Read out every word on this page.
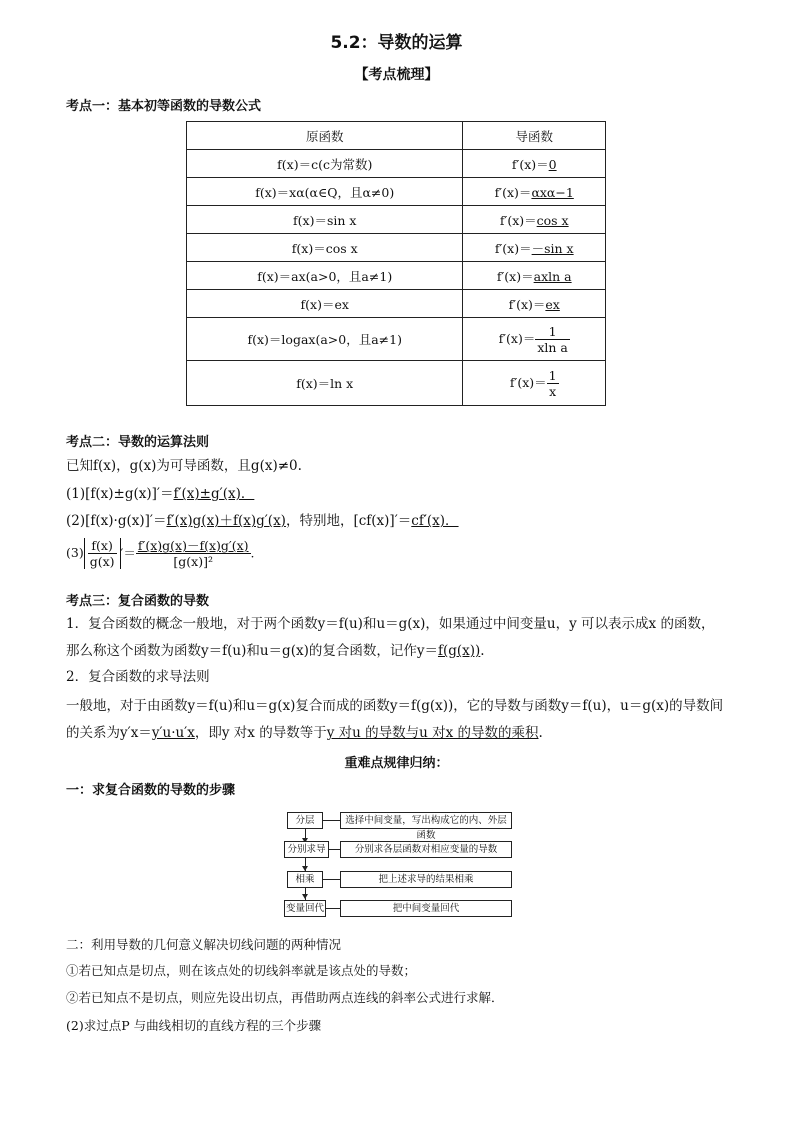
5.2：导数的运算
【考点梳理】
考点一：基本初等函数的导数公式
原函数	导函数
f(x)＝c(c为常数)	f′(x)＝0
f(x)＝xα(α∈Q，且α≠0)	f′(x)＝αxα−1
f(x)＝sin x	f′(x)＝cos x
f(x)＝cos x	f′(x)＝－sin x
f(x)＝ax(a>0，且a≠1)	f′(x)＝axln a
f(x)＝ex	f′(x)＝ex
f(x)＝logax(a>0，且a≠1)	$f'(x)= \frac{1}{\text{xln a}}$

f(x)＝ln x	$f'(x)= \frac{1}{x}$
考点二：导数的运算法则
已知f(x)，g(x)为可导函数，且g(x)≠0.
(1)[f(x)±g(x)]′＝f′(x)±g′(x)．
(2)[f(x)·g(x)]′＝f′(x)g(x)＋f(x)g′(x)，特别地，[cf(x)]′＝cf′(x)．
$(3) \frac{f(x)}{g(x)}$ ′＝ $\frac{f'(x)g(x)-f(x)g'(x)}{\text{[g(x)]²}}$ .
考点三：复合函数的导数
1．复合函数的概念一般地，对于两个函数y＝f(u)和u＝g(x)，如果通过中间变量u，y 可以表示成x 的函数，
那么称这个函数为函数y＝f(u)和u＝g(x)的复合函数，记作y＝f(g(x)).
2．复合函数的求导法则
一般地，对于由函数y＝f(u)和u＝g(x)复合而成的函数y＝f(g(x))，它的导数与函数y＝f(u)，u＝g(x)的导数间
的关系为y′x＝y′u·u′x，即y 对x 的导数等于y 对u 的导数与u 对x 的导数的乘积.
重难点规律归纳：
一：求复合函数的导数的步骤
分层	选择中间变量，写出构成它的内、外层函数
分别求导	分别求各层函数对相应变量的导数
相乘	把上述求导的结果相乘
变量回代	把中间变量回代
二：利用导数的几何意义解决切线问题的两种情况
①若已知点是切点，则在该点处的切线斜率就是该点处的导数；
②若已知点不是切点，则应先设出切点，再借助两点连线的斜率公式进行求解．
(2)求过点P 与曲线相切的直线方程的三个步骤
